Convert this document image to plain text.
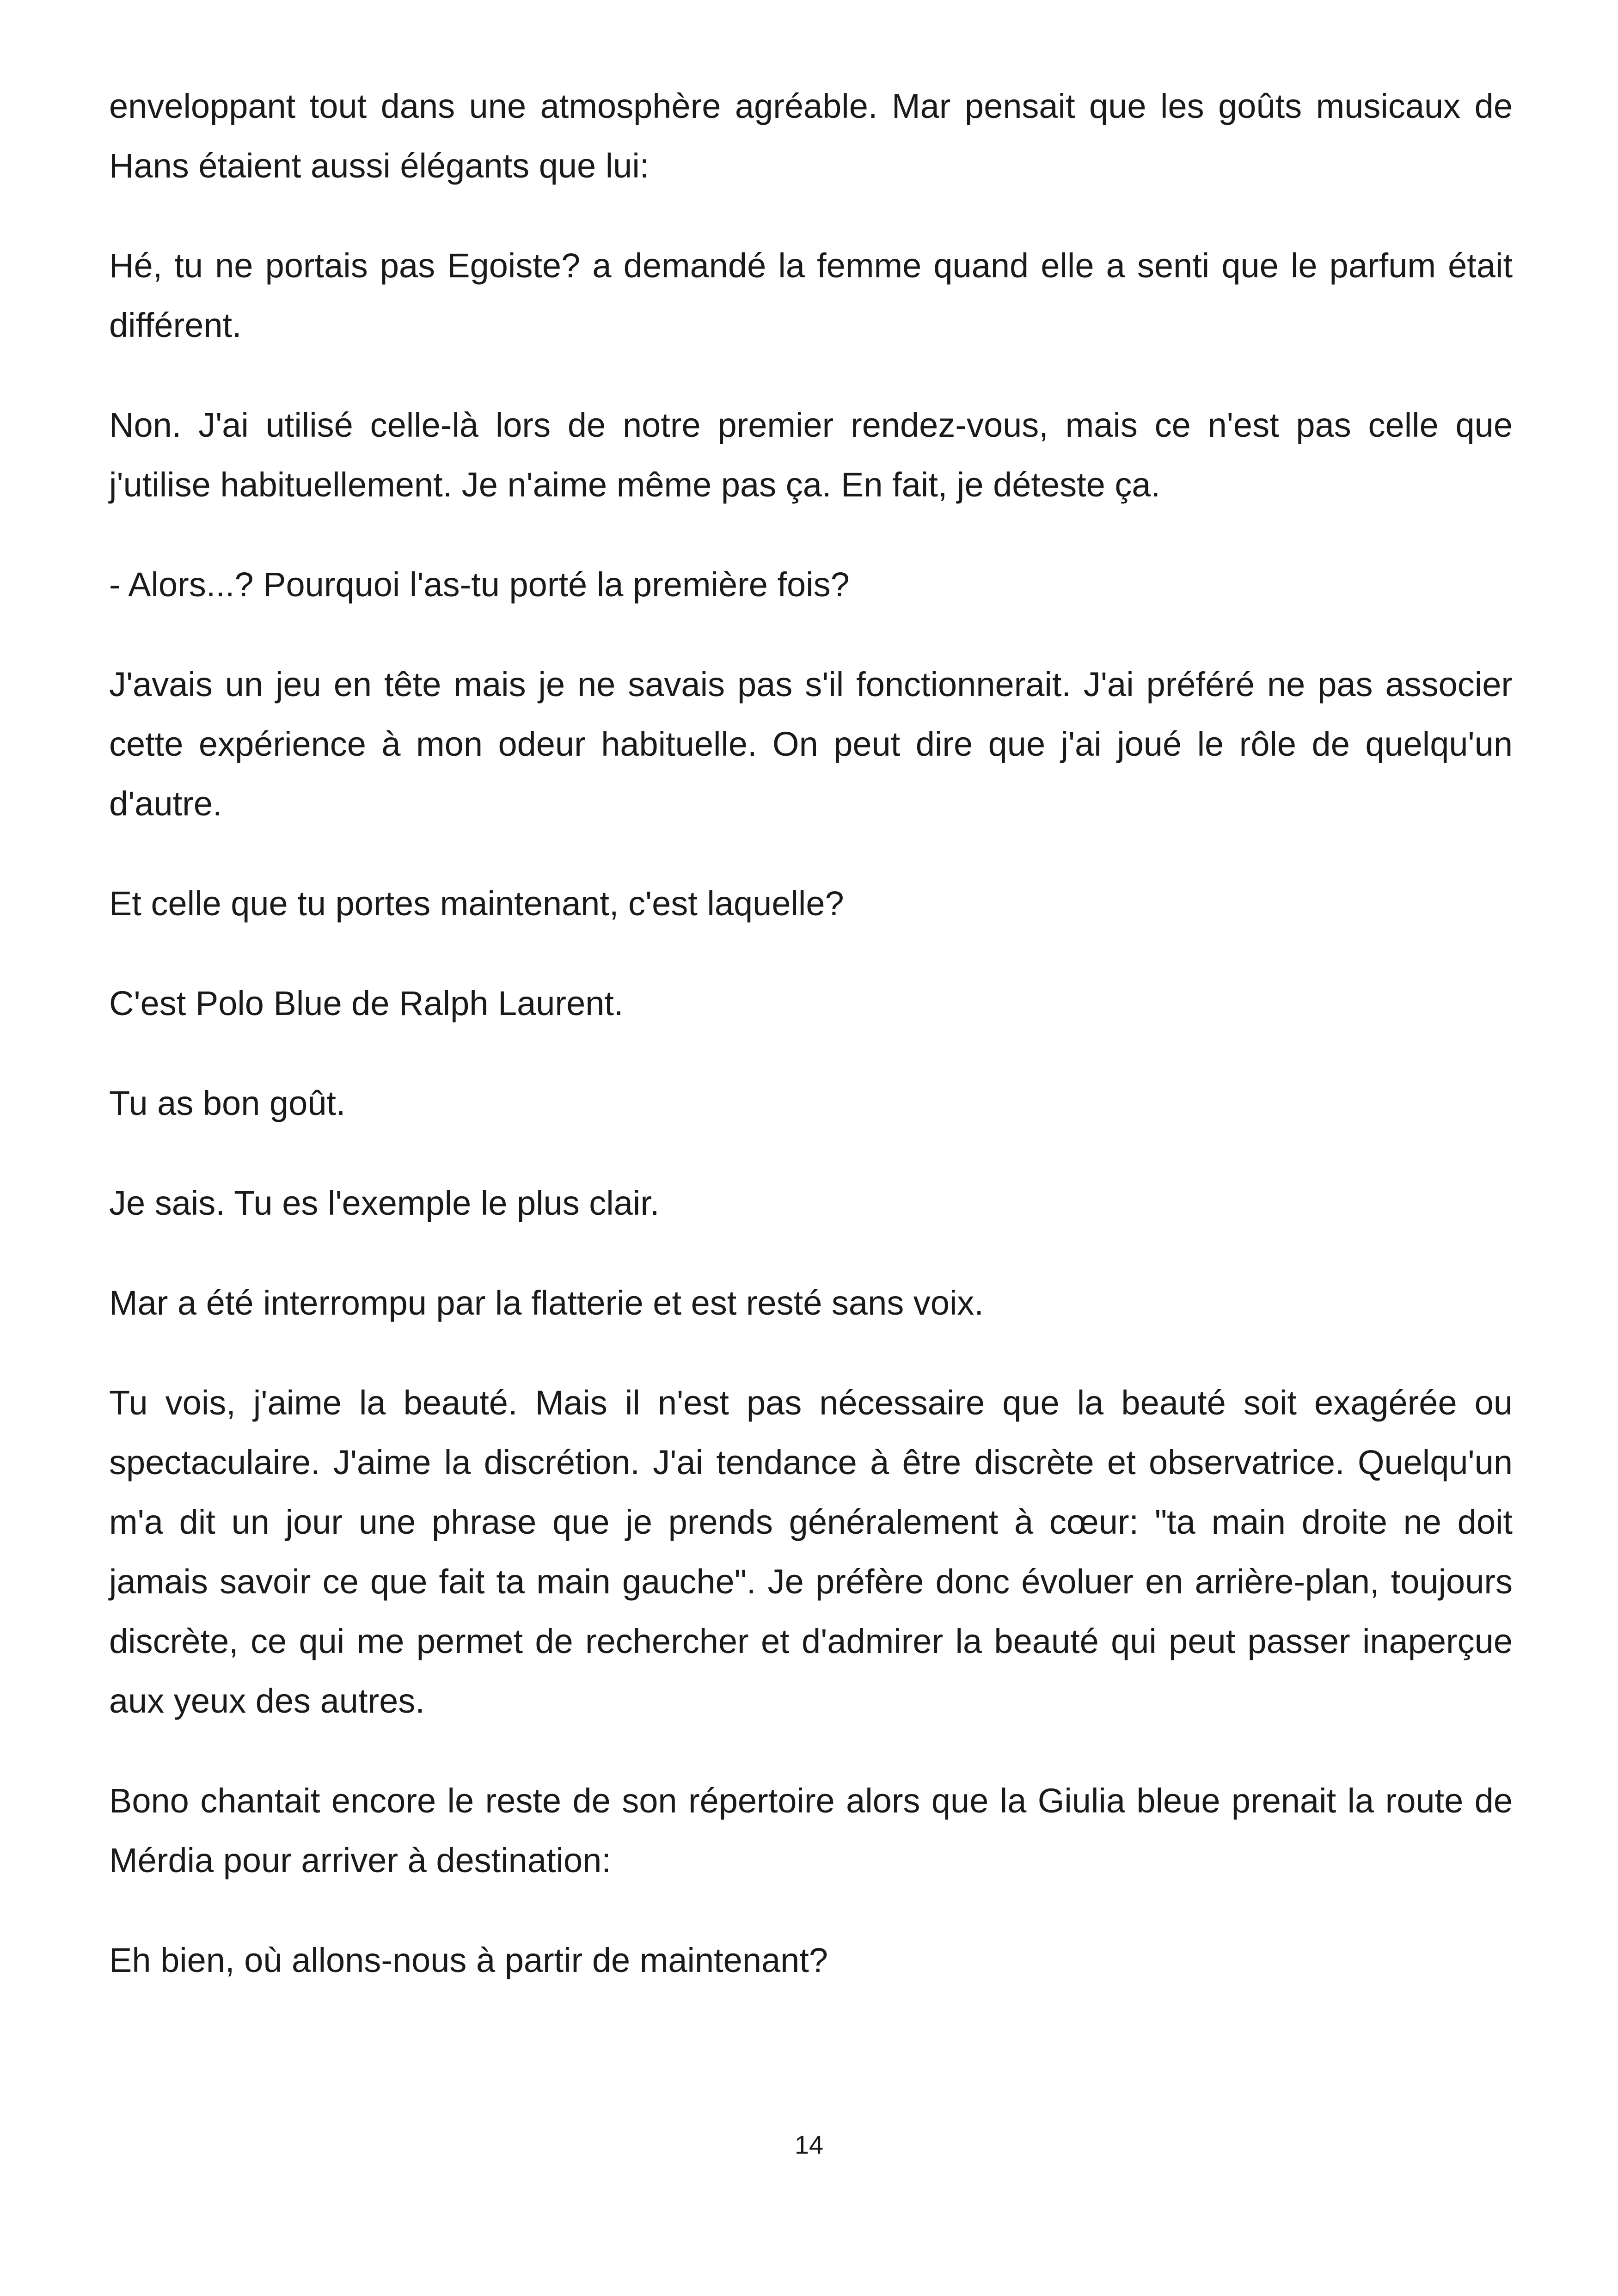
enveloppant tout dans une atmosphère agréable. Mar pensait que les goûts musicaux de Hans étaient aussi élégants que lui:

Hé, tu ne portais pas Egoiste? a demandé la femme quand elle a senti que le parfum était différent.

Non. J'ai utilisé celle-là lors de notre premier rendez-vous, mais ce n'est pas celle que j'utilise habituellement. Je n'aime même pas ça. En fait, je déteste ça.

- Alors...? Pourquoi l'as-tu porté la première fois?

J'avais un jeu en tête mais je ne savais pas s'il fonctionnerait. J'ai préféré ne pas associer cette expérience à mon odeur habituelle. On peut dire que j'ai joué le rôle de quelqu'un d'autre.

Et celle que tu portes maintenant, c'est laquelle?

C'est Polo Blue de Ralph Laurent.

Tu as bon goût.

Je sais. Tu es l'exemple le plus clair.

Mar a été interrompu par la flatterie et est resté sans voix.

Tu vois, j'aime la beauté. Mais il n'est pas nécessaire que la beauté soit exagérée ou spectaculaire. J'aime la discrétion. J'ai tendance à être discrète et observatrice. Quelqu'un m'a dit un jour une phrase que je prends généralement à cœur: "ta main droite ne doit jamais savoir ce que fait ta main gauche". Je préfère donc évoluer en arrière-plan, toujours discrète, ce qui me permet de rechercher et d'admirer la beauté qui peut passer inaperçue aux yeux des autres.

Bono chantait encore le reste de son répertoire alors que la Giulia bleue prenait la route de Mérdia pour arriver à destination:

Eh bien, où allons-nous à partir de maintenant?

14
